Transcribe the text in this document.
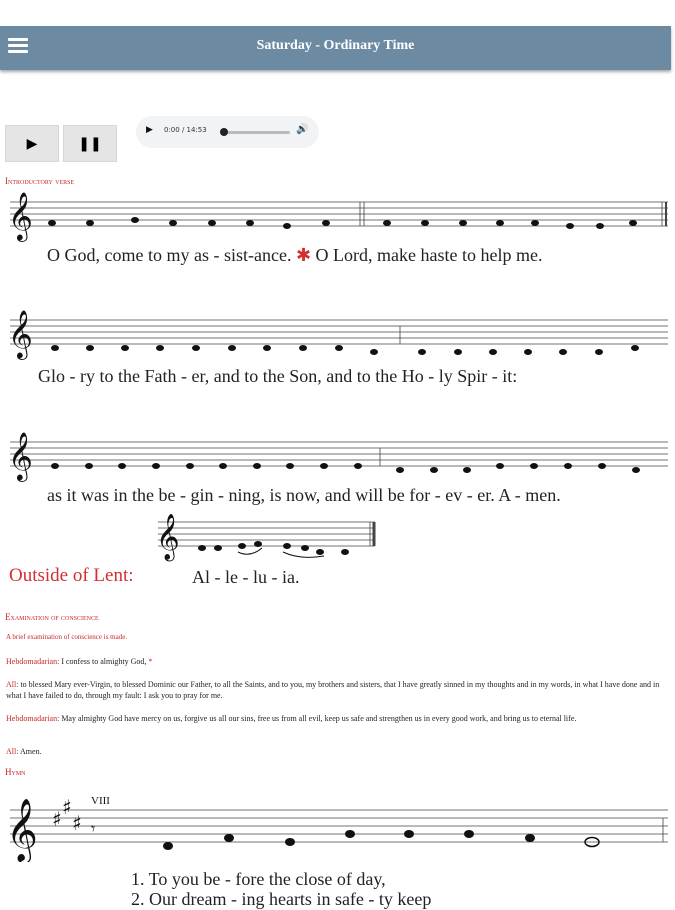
Saturday - Ordinary Time
▶	❚❚
▶ 0:00 / 14:53	🔊
Introductory verse
𝄞
O God, come to my as - sist-ance. ✱ O Lord, make haste to help me.
𝄞
Glo - ry to the Fath - er, and to the Son, and to the Ho - ly Spir - it:
𝄞
as it was in the be - gin - ning, is now, and will be for - ev - er. A - men.
𝄞
Outside of Lent:	Al - le - lu - ia.
Examination of conscience
A brief examination of conscience is made.
Hebdomadarian: I confess to almighty God, *
All: to blessed Mary ever-Virgin, to blessed Dominic our Father, to all the Saints, and to you, my brothers and sisters, that I have greatly sinned in my thoughts and in my words, in what I have done and in what I have failed to do, through my fault: I ask you to pray for me.
Hebdomadarian: May almighty God have mercy on us, forgive us all our sins, free us from all evil, keep us safe and strengthen us in every good work, and bring us to eternal life.
All: Amen.
Hymn
𝄞 ♯ ♯
♯
VIII
𝄾
1. To you be - fore the close of day,
2. Our dream - ing hearts in safe - ty keep
